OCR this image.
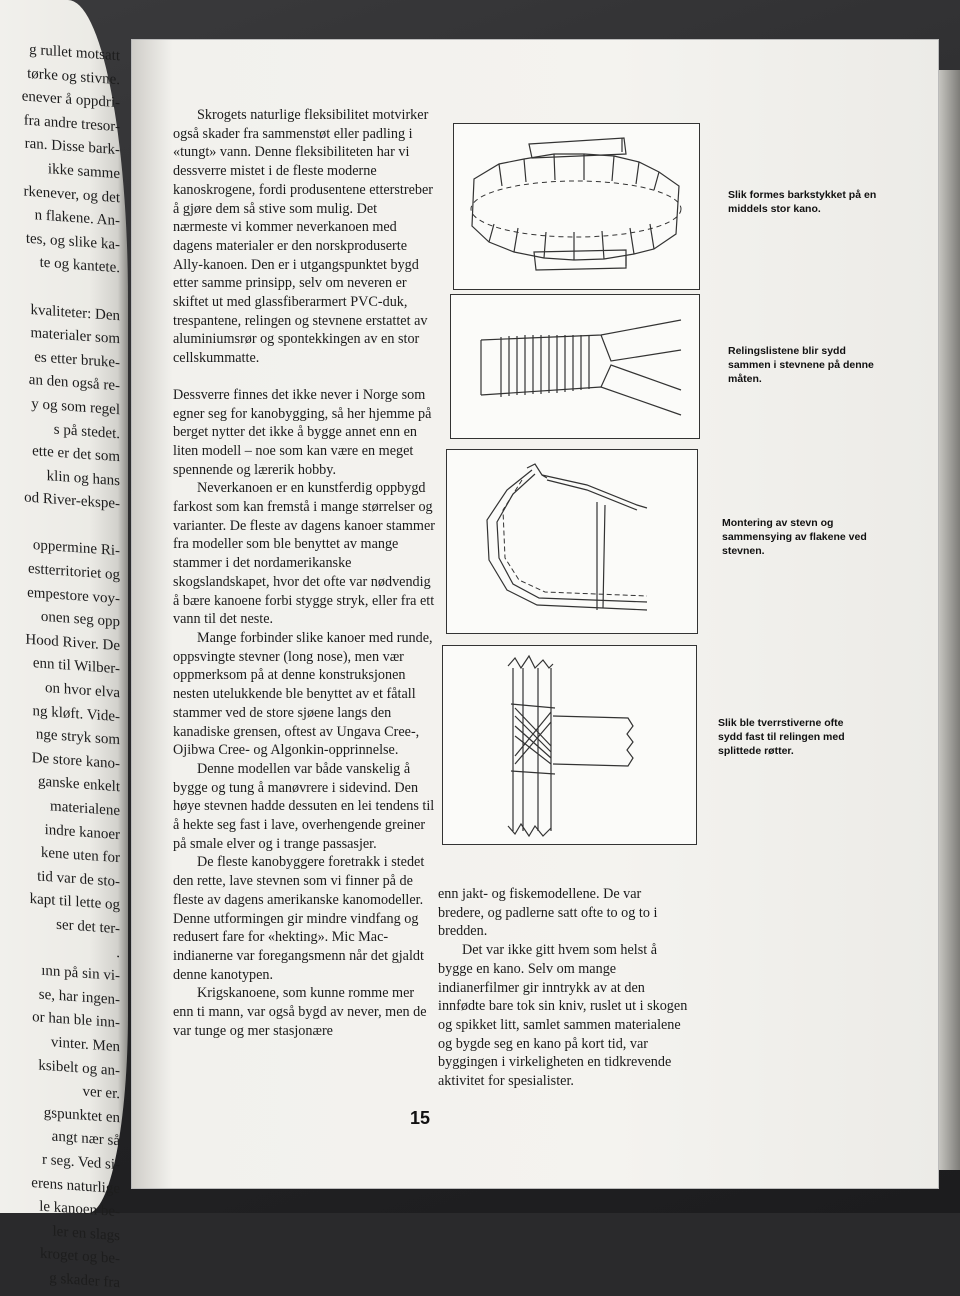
g rullet motsatt
tørke og stivne.
enever å oppdri-
fra andre tresor-
ran. Disse bark-
ikke samme
rkenever, og det
n flakene. An-
tes, og slike ka-
te og kantete.

kvaliteter: Den
materialer som
es etter bruke-
an den også re-
y og som regel
s på stedet.
ette er det som
klin og hans
od River-ekspe-

oppermine Ri-
estterritoriet og
empestore voy-
onen seg opp
Hood River. De
enn til Wilber-
on hvor elva
ng kløft. Vide-
nge stryk som
De store kano-
ganske enkelt
materialene
indre kanoer
kene uten for
tid var de sto-
kapt til lette og
ser det ter-
.
ınn på sin vi-
se, har ingen-
or han ble inn-
vinter. Men
ksibelt og an-
ver er.
gspunktet en
angt nær så
r seg. Ved si-
erens naturlige
le kanoen be-
ler en slags
kroget og be-
g skader fra

Skrogets naturlige fleksibilitet motvirker også skader fra sammenstøt eller padling i «tungt» vann. Denne fleksibiliteten har vi dessverre mistet i de fleste moderne kanoskrogene, fordi produsentene etterstreber å gjøre dem så stive som mulig. Det nærmeste vi kommer neverkanoen med dagens materialer er den norskproduserte Ally-kanoen. Den er i utgangspunktet bygd etter samme prinsipp, selv om neveren er skiftet ut med glassfiberarmert PVC-duk, trespantene, relingen og stevnene erstattet av aluminiumsrør og spontekkingen av en stor cellskummatte.

Dessverre finnes det ikke never i Norge som egner seg for kanobygging, så her hjemme på berget nytter det ikke å bygge annet enn en liten modell – noe som kan være en meget spennende og lærerik hobby.

Neverkanoen er en kunstferdig oppbygd farkost som kan fremstå i mange størrelser og varianter. De fleste av dagens kanoer stammer fra modeller som ble benyttet av mange stammer i det nordamerikanske skogslandskapet, hvor det ofte var nødvendig å bære kanoene forbi stygge stryk, eller fra ett vann til det neste.

Mange forbinder slike kanoer med runde, oppsvingte stevner (long nose), men vær oppmerksom på at denne konstruksjonen nesten utelukkende ble benyttet av et fåtall stammer ved de store sjøene langs den kanadiske grensen, oftest av Ungava Cree-, Ojibwa Cree- og Algonkin-opprinnelse.

Denne modellen var både vanskelig å bygge og tung å manøvrere i sidevind. Den høye stevnen hadde dessuten en lei tendens til å hekte seg fast i lave, overhengende greiner på smale elver og i trange passasjer.

De fleste kanobyggere foretrakk i stedet den rette, lave stevnen som vi finner på de fleste av dagens amerikanske kanomodeller. Denne utformingen gir mindre vindfang og redusert fare for «hekting». Mic Mac-indianerne var foregangsmenn når det gjaldt denne kanotypen.

Krigskanoene, som kunne romme mer enn ti mann, var også bygd av never, men de var tunge og mer stasjonære

enn jakt- og fiskemodellene. De var bredere, og padlerne satt ofte to og to i bredden.

Det var ikke gitt hvem som helst å bygge en kano. Selv om mange indianerfilmer gir inntrykk av at den innfødte bare tok sin kniv, ruslet ut i skogen og spikket litt, samlet sammen materialene og bygde seg en kano på kort tid, var byggingen i virkeligheten en tidkrevende aktivitet for spesialister.

Slik formes barkstykket på en middels stor kano.
Relingslistene blir sydd sammen i stevnene på denne måten.
Montering av stevn og sammensying av flakene ved stevnen.
Slik ble tverrstiverne ofte sydd fast til relingen med splittede røtter.
15
